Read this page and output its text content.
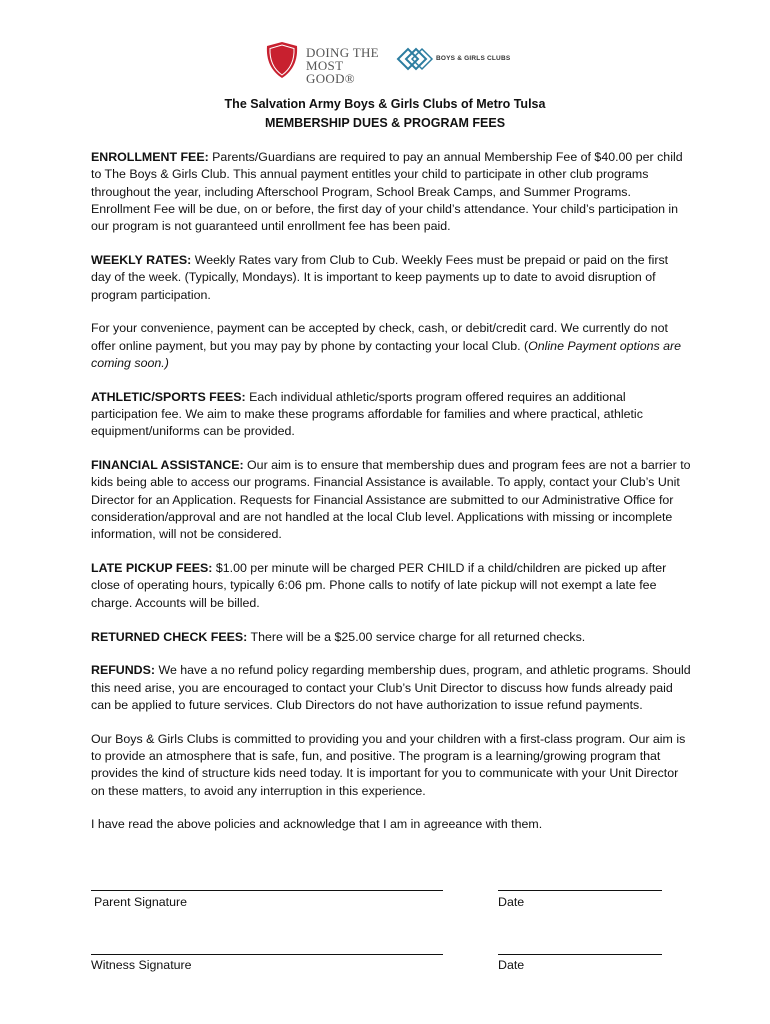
DOING THE
MOST GOOD®
BOYS & GIRLS CLUBS
The Salvation Army Boys & Girls Clubs of Metro Tulsa
MEMBERSHIP DUES & PROGRAM FEES

ENROLLMENT FEE: Parents/Guardians are required to pay an annual Membership Fee of $40.00 per child to The Boys & Girls Club. This annual payment entitles your child to participate in other club programs throughout the year, including Afterschool Program, School Break Camps, and Summer Programs. Enrollment Fee will be due, on or before, the first day of your child’s attendance. Your child’s participation in our program is not guaranteed until enrollment fee has been paid.

WEEKLY RATES: Weekly Rates vary from Club to Cub. Weekly Fees must be prepaid or paid on the first day of the week. (Typically, Mondays). It is important to keep payments up to date to avoid disruption of program participation.

For your convenience, payment can be accepted by check, cash, or debit/credit card. We currently do not offer online payment, but you may pay by phone by contacting your local Club. (Online Payment options are coming soon.)

ATHLETIC/SPORTS FEES: Each individual athletic/sports program offered requires an additional participation fee. We aim to make these programs affordable for families and where practical, athletic equipment/uniforms can be provided.

FINANCIAL ASSISTANCE: Our aim is to ensure that membership dues and program fees are not a barrier to kids being able to access our programs. Financial Assistance is available. To apply, contact your Club’s Unit Director for an Application. Requests for Financial Assistance are submitted to our Administrative Office for consideration/approval and are not handled at the local Club level. Applications with missing or incomplete information, will not be considered.

LATE PICKUP FEES: $1.00 per minute will be charged PER CHILD if a child/children are picked up after close of operating hours, typically 6:06 pm. Phone calls to notify of late pickup will not exempt a late fee charge. Accounts will be billed.

RETURNED CHECK FEES: There will be a $25.00 service charge for all returned checks.

REFUNDS: We have a no refund policy regarding membership dues, program, and athletic programs. Should this need arise, you are encouraged to contact your Club’s Unit Director to discuss how funds already paid can be applied to future services. Club Directors do not have authorization to issue refund payments.

Our Boys & Girls Clubs is committed to providing you and your children with a first-class program. Our aim is to provide an atmosphere that is safe, fun, and positive. The program is a learning/growing program that provides the kind of structure kids need today. It is important for you to communicate with your Unit Director on these matters, to avoid any interruption in this experience.

I have read the above policies and acknowledge that I am in agreeance with them.

Parent Signature	Date
Witness Signature	Date
